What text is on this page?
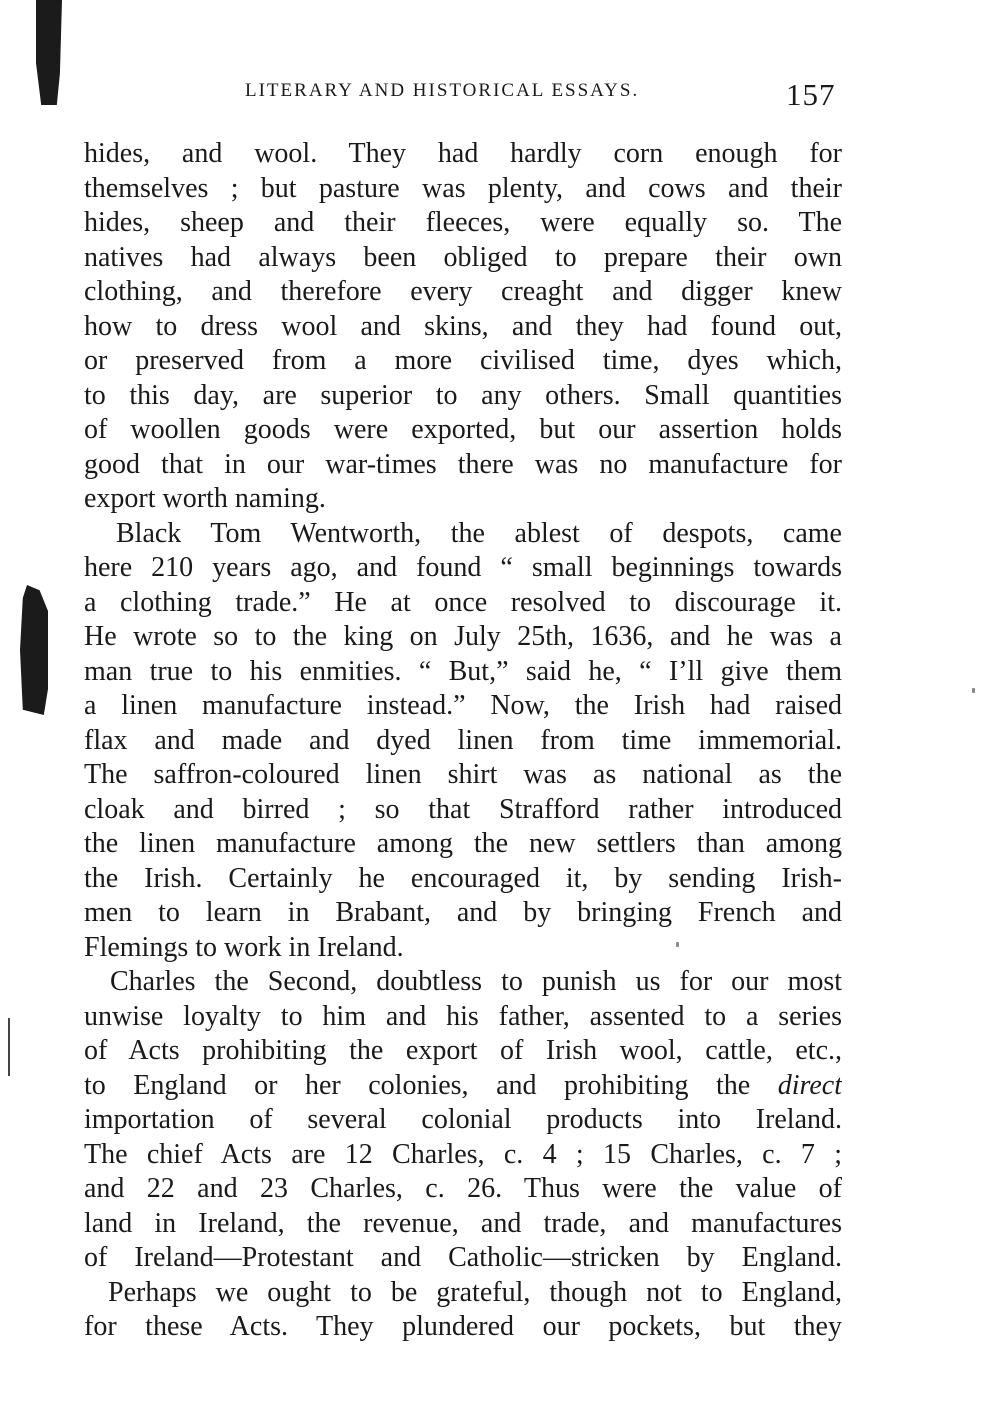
LITERARY AND HISTORICAL ESSAYS.	157
hides, and wool. They had hardly corn enough for
themselves ; but pasture was plenty, and cows and their
hides, sheep and their fleeces, were equally so. The
natives had always been obliged to prepare their own
clothing, and therefore every creaght and digger knew
how to dress wool and skins, and they had found out,
or preserved from a more civilised time, dyes which,
to this day, are superior to any others. Small quantities
of woollen goods were exported, but our assertion holds
good that in our war-times there was no manufacture for
export worth naming.
Black Tom Wentworth, the ablest of despots, came
here 210 years ago, and found “ small beginnings towards
a clothing trade.” He at once resolved to discourage it.
He wrote so to the king on July 25th, 1636, and he was a
man true to his enmities. “ But,” said he, “ I’ll give them
a linen manufacture instead.” Now, the Irish had raised
flax and made and dyed linen from time immemorial.
The saffron-coloured linen shirt was as national as the
cloak and birred ; so that Strafford rather introduced
the linen manufacture among the new settlers than among
the Irish. Certainly he encouraged it, by sending Irish-
men to learn in Brabant, and by bringing French and
Flemings to work in Ireland.
Charles the Second, doubtless to punish us for our most
unwise loyalty to him and his father, assented to a series
of Acts prohibiting the export of Irish wool, cattle, etc.,
to England or her colonies, and prohibiting the direct
importation of several colonial products into Ireland.
The chief Acts are 12 Charles, c. 4 ; 15 Charles, c. 7 ;
and 22 and 23 Charles, c. 26. Thus were the value of
land in Ireland, the revenue, and trade, and manufactures
of Ireland—Protestant and Catholic—stricken by England.
Perhaps we ought to be grateful, though not to England,
for these Acts. They plundered our pockets, but they
